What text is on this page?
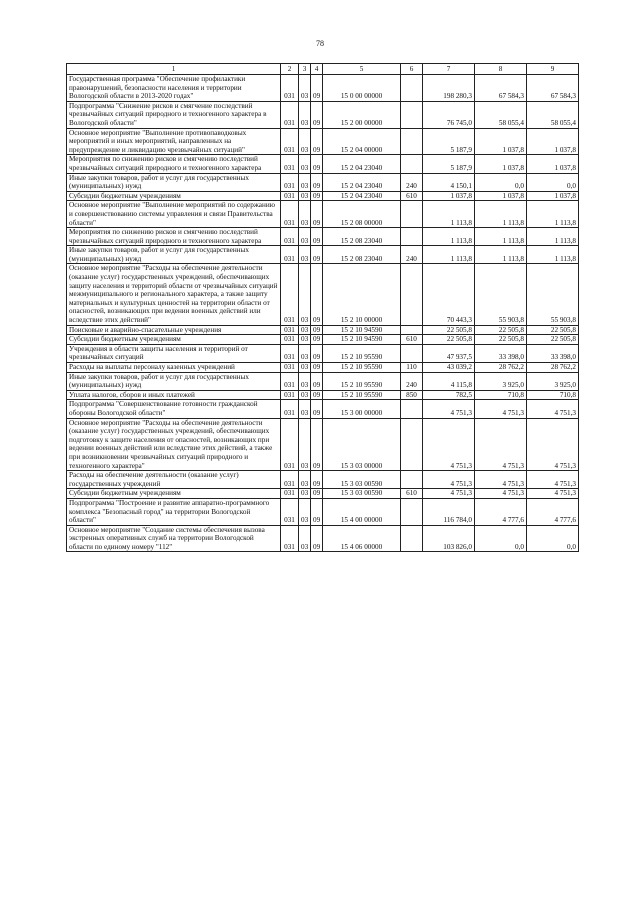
78
1	2	3	4	5	6	7	8	9
Государственная программа "Обеспечение профилактики правонарушений, безопасности населения и территории Вологодской области в 2013-2020 годах"	031	03	09	15 0 00 00000		198 280,3	67 584,3	67 584,3
Подпрограмма "Снижение рисков и смягчение последствий чрезвычайных ситуаций природного и техногенного характера в Вологодской области"	031	03	09	15 2 00 00000		76 745,0	58 055,4	58 055,4
Основное мероприятие "Выполнение противопаводковых мероприятий и иных мероприятий, направленных на предупреждение и ликвидацию чрезвычайных ситуаций"	031	03	09	15 2 04 00000		5 187,9	1 037,8	1 037,8
Мероприятия по снижению рисков и смягчению последствий чрезвычайных ситуаций природного и техногенного характера	031	03	09	15 2 04 23040		5 187,9	1 037,8	1 037,8
Иные закупки товаров, работ и услуг для государственных (муниципальных) нужд	031	03	09	15 2 04 23040	240	4 150,1	0,0	0,0
Субсидии бюджетным учреждениям	031	03	09	15 2 04 23040	610	1 037,8	1 037,8	1 037,8
Основное мероприятие "Выполнение мероприятий по содержанию и совершенствованию системы управления и связи Правительства области"	031	03	09	15 2 08 00000		1 113,8	1 113,8	1 113,8
Мероприятия по снижению рисков и смягчению последствий чрезвычайных ситуаций природного и техногенного характера	031	03	09	15 2 08 23040		1 113,8	1 113,8	1 113,8
Иные закупки товаров, работ и услуг для государственных (муниципальных) нужд	031	03	09	15 2 08 23040	240	1 113,8	1 113,8	1 113,8
Основное мероприятие "Расходы на обеспечение деятельности (оказание услуг) государственных учреждений, обеспечивающих защиту населения и территорий области от чрезвычайных ситуаций межмуниципального и регионального характера, а также защиту материальных и культурных ценностей на территории области от опасностей, возникающих при ведении военных действий или вследствие этих действий"	031	03	09	15 2 10 00000		70 443,3	55 903,8	55 903,8
Поисковые и аварийно-спасательные учреждения	031	03	09	15 2 10 94590		22 505,8	22 505,8	22 505,8
Субсидии бюджетным учреждениям	031	03	09	15 2 10 94590	610	22 505,8	22 505,8	22 505,8
Учреждения в области защиты населения и территорий от чрезвычайных ситуаций	031	03	09	15 2 10 95590		47 937,5	33 398,0	33 398,0
Расходы на выплаты персоналу казенных учреждений	031	03	09	15 2 10 95590	110	43 039,2	28 762,2	28 762,2
Иные закупки товаров, работ и услуг для государственных (муниципальных) нужд	031	03	09	15 2 10 95590	240	4 115,8	3 925,0	3 925,0
Уплата налогов, сборов и иных платежей	031	03	09	15 2 10 95590	850	782,5	710,8	710,8
Подпрограмма "Совершенствование готовности гражданской обороны Вологодской области"	031	03	09	15 3 00 00000		4 751,3	4 751,3	4 751,3
Основное мероприятие "Расходы на обеспечение деятельности (оказание услуг) государственных учреждений, обеспечивающих подготовку к защите населения от опасностей, возникающих при ведении военных действий или вследствие этих действий, а также при возникновении чрезвычайных ситуаций природного и техногенного характера"	031	03	09	15 3 03 00000		4 751,3	4 751,3	4 751,3
Расходы на обеспечение деятельности (оказание услуг) государственных учреждений	031	03	09	15 3 03 00590		4 751,3	4 751,3	4 751,3
Субсидии бюджетным учреждениям	031	03	09	15 3 03 00590	610	4 751,3	4 751,3	4 751,3
Подпрограмма "Построение и развитие аппаратно-программного комплекса "Безопасный город" на территории Вологодской области"	031	03	09	15 4 00 00000		116 784,0	4 777,6	4 777,6
Основное мероприятие "Создание системы обеспечения вызова экстренных оперативных служб на территории Вологодской области по единому номеру "112"	031	03	09	15 4 06 00000		103 826,0	0,0	0,0
